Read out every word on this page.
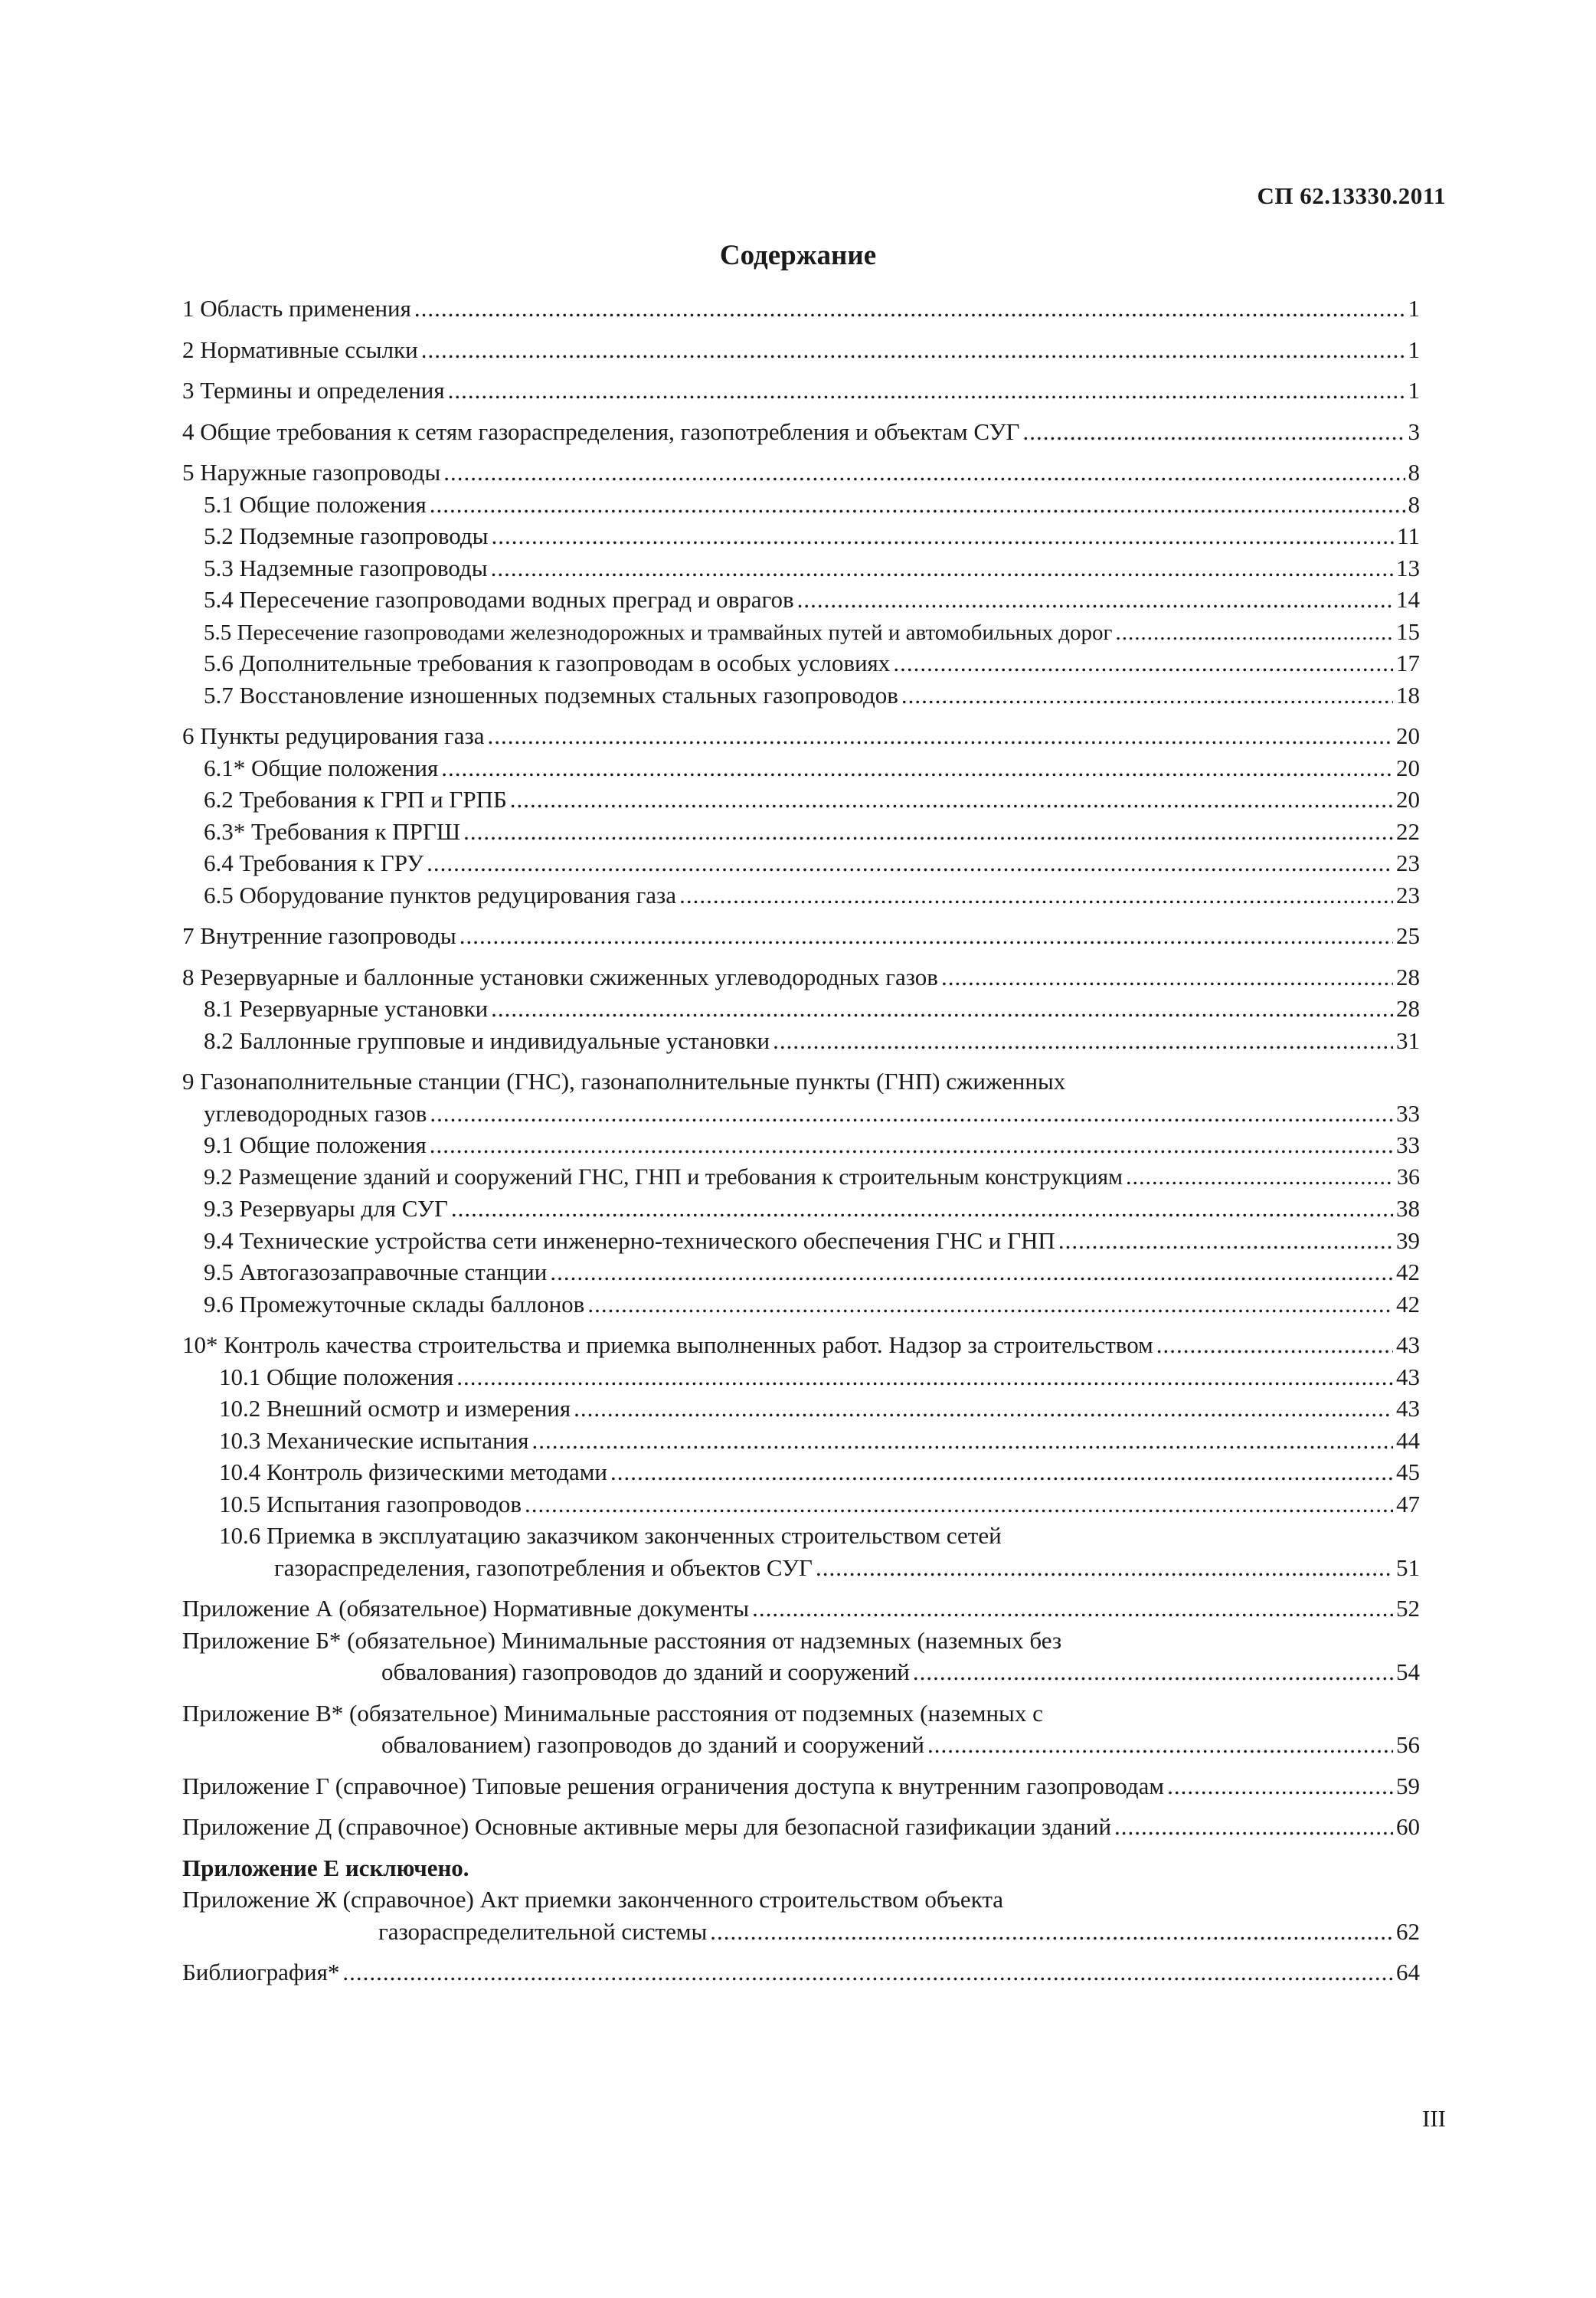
СП 62.13330.2011
Содержание
1 Область применения .....	1
2 Нормативные ссылки .....	1
3 Термины и определения .....	1
4 Общие требования к сетям газораспределения, газопотребления и объектам СУГ .....	3
5 Наружные газопроводы .....	8
5.1 Общие положения .....	8
5.2 Подземные газопроводы .....	11
5.3 Надземные газопроводы .....	13
5.4 Пересечение газопроводами водных преград и оврагов .....	14
5.5 Пересечение газопроводами железнодорожных и трамвайных путей и автомобильных дорог .....	15
5.6 Дополнительные требования к газопроводам в особых условиях .....	17
5.7 Восстановление изношенных подземных стальных газопроводов .....	18
6 Пункты редуцирования газа .....	20
6.1* Общие положения .....	20
6.2 Требования к ГРП и ГРПБ .....	20
6.3* Требования к ПРГШ .....	22
6.4 Требования к ГРУ .....	23
6.5 Оборудование пунктов редуцирования газа .....	23
7 Внутренние газопроводы .....	25
8 Резервуарные и баллонные установки сжиженных углеводородных газов .....	28
8.1 Резервуарные установки .....	28
8.2 Баллонные групповые и индивидуальные установки .....	31
9 Газонаполнительные станции (ГНС), газонаполнительные пункты (ГНП) сжиженных
углеводородных газов .....	33
9.1 Общие положения .....	33
9.2 Размещение зданий и сооружений ГНС, ГНП и требования к строительным конструкциям .....	36
9.3 Резервуары для СУГ .....	38
9.4 Технические устройства сети инженерно-технического обеспечения ГНС и ГНП .....	39
9.5 Автогазозаправочные станции .....	42
9.6 Промежуточные склады баллонов .....	42
10* Контроль качества строительства и приемка выполненных работ. Надзор за строительством .....	43
10.1 Общие положения .....	43
10.2 Внешний осмотр и измерения .....	43
10.3 Механические испытания .....	44
10.4 Контроль физическими методами .....	45
10.5 Испытания газопроводов .....	47
10.6 Приемка в эксплуатацию заказчиком законченных строительством сетей
газораспределения, газопотребления и объектов СУГ .....	51
Приложение А (обязательное) Нормативные документы .....	52
Приложение Б* (обязательное) Минимальные расстояния от надземных (наземных без
обвалования) газопроводов до зданий и сооружений .....	54
Приложение В* (обязательное) Минимальные расстояния от подземных (наземных с
обвалованием) газопроводов до зданий и сооружений .....	56
Приложение Г (справочное) Типовые решения ограничения доступа к внутренним газопроводам .....	59
Приложение Д (справочное) Основные активные меры для безопасной газификации зданий .....	60
Приложение Е исключено.
Приложение Ж (справочное) Акт приемки законченного строительством объекта
газораспределительной системы .....	62
Библиография* .....	64
III
